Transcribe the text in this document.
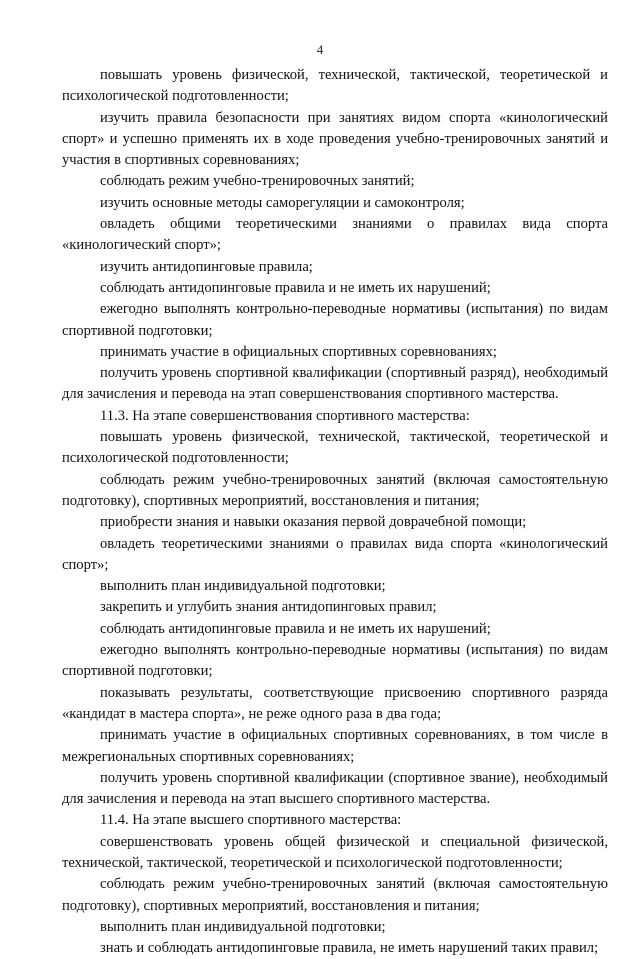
4

повышать уровень физической, технической, тактической, теоретической и психологической подготовленности;

изучить правила безопасности при занятиях видом спорта «кинологический спорт» и успешно применять их в ходе проведения учебно-тренировочных занятий и участия в спортивных соревнованиях;

соблюдать режим учебно-тренировочных занятий;

изучить основные методы саморегуляции и самоконтроля;

овладеть общими теоретическими знаниями о правилах вида спорта «кинологический спорт»;

изучить антидопинговые правила;

соблюдать антидопинговые правила и не иметь их нарушений;

ежегодно выполнять контрольно-переводные нормативы (испытания) по видам спортивной подготовки;

принимать участие в официальных спортивных соревнованиях;

получить уровень спортивной квалификации (спортивный разряд), необходимый для зачисления и перевода на этап совершенствования спортивного мастерства.

11.3. На этапе совершенствования спортивного мастерства:

повышать уровень физической, технической, тактической, теоретической и психологической подготовленности;

соблюдать режим учебно-тренировочных занятий (включая самостоятельную подготовку), спортивных мероприятий, восстановления и питания;

приобрести знания и навыки оказания первой доврачебной помощи;

овладеть теоретическими знаниями о правилах вида спорта «кинологический спорт»;

выполнить план индивидуальной подготовки;

закрепить и углубить знания антидопинговых правил;

соблюдать антидопинговые правила и не иметь их нарушений;

ежегодно выполнять контрольно-переводные нормативы (испытания) по видам спортивной подготовки;

показывать результаты, соответствующие присвоению спортивного разряда «кандидат в мастера спорта», не реже одного раза в два года;

принимать участие в официальных спортивных соревнованиях, в том числе в межрегиональных спортивных соревнованиях;

получить уровень спортивной квалификации (спортивное звание), необходимый для зачисления и перевода на этап высшего спортивного мастерства.

11.4. На этапе высшего спортивного мастерства:

совершенствовать уровень общей физической и специальной физической, технической, тактической, теоретической и психологической подготовленности;

соблюдать режим учебно-тренировочных занятий (включая самостоятельную подготовку), спортивных мероприятий, восстановления и питания;

выполнить план индивидуальной подготовки;

знать и соблюдать антидопинговые правила, не иметь нарушений таких правил;
